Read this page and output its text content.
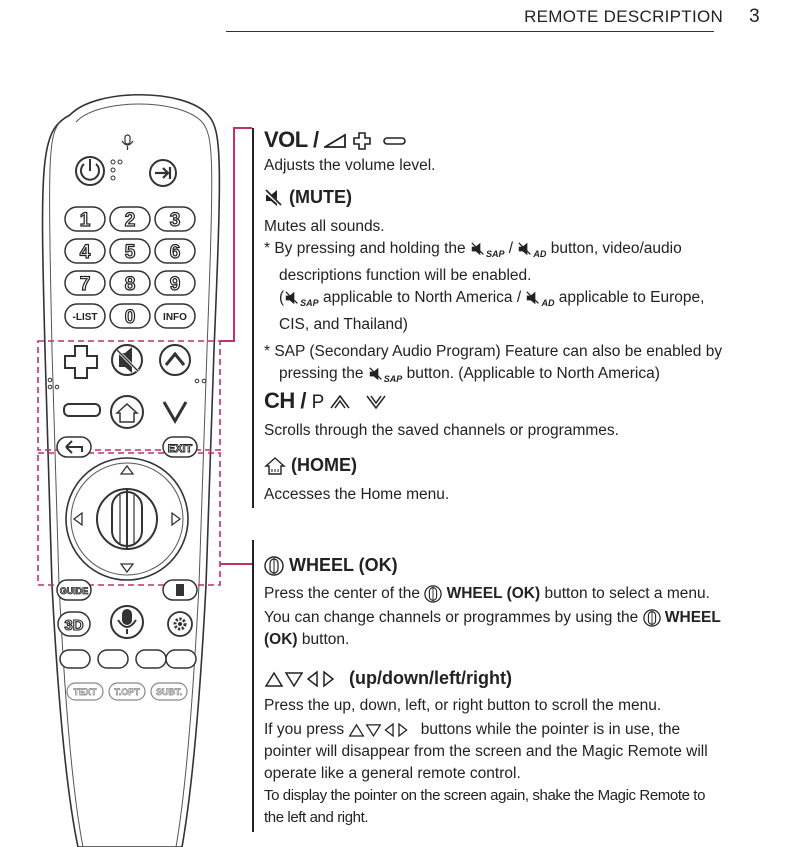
REMOTE DESCRIPTION 3
1 2 3
4 5 6
7 8 9
0
-LIST	INFO
EXIT
GUIDE
3D
TEXT T.OPT SUBT.
VOL /
Adjusts the volume level.
(MUTE)
Mutes all sounds.
* By pressing and holding the $_{SAP}$ / $_{AD}$ button, video/audio
descriptions function will be enabled.
( $_{SAP}$ applicable to North America / $_{AD}$ applicable to Europe,
CIS, and Thailand)
* SAP (Secondary Audio Program) Feature can also be enabled by
pressing the $_{SAP}$ button. (Applicable to North America)
CH / P
Scrolls through the saved channels or programmes.
(HOME)
Accesses the Home menu.
WHEEL (OK)
Press the center of the WHEEL (OK) button to select a menu.
You can change channels or programmes by using the WHEEL
(OK) button.
(up/down/left/right)
Press the up, down, left, or right button to scroll the menu.
If you press	buttons while the pointer is in use, the
pointer will disappear from the screen and the Magic Remote will
operate like a general remote control.
To display the pointer on the screen again, shake the Magic Remote to
the left and right.
